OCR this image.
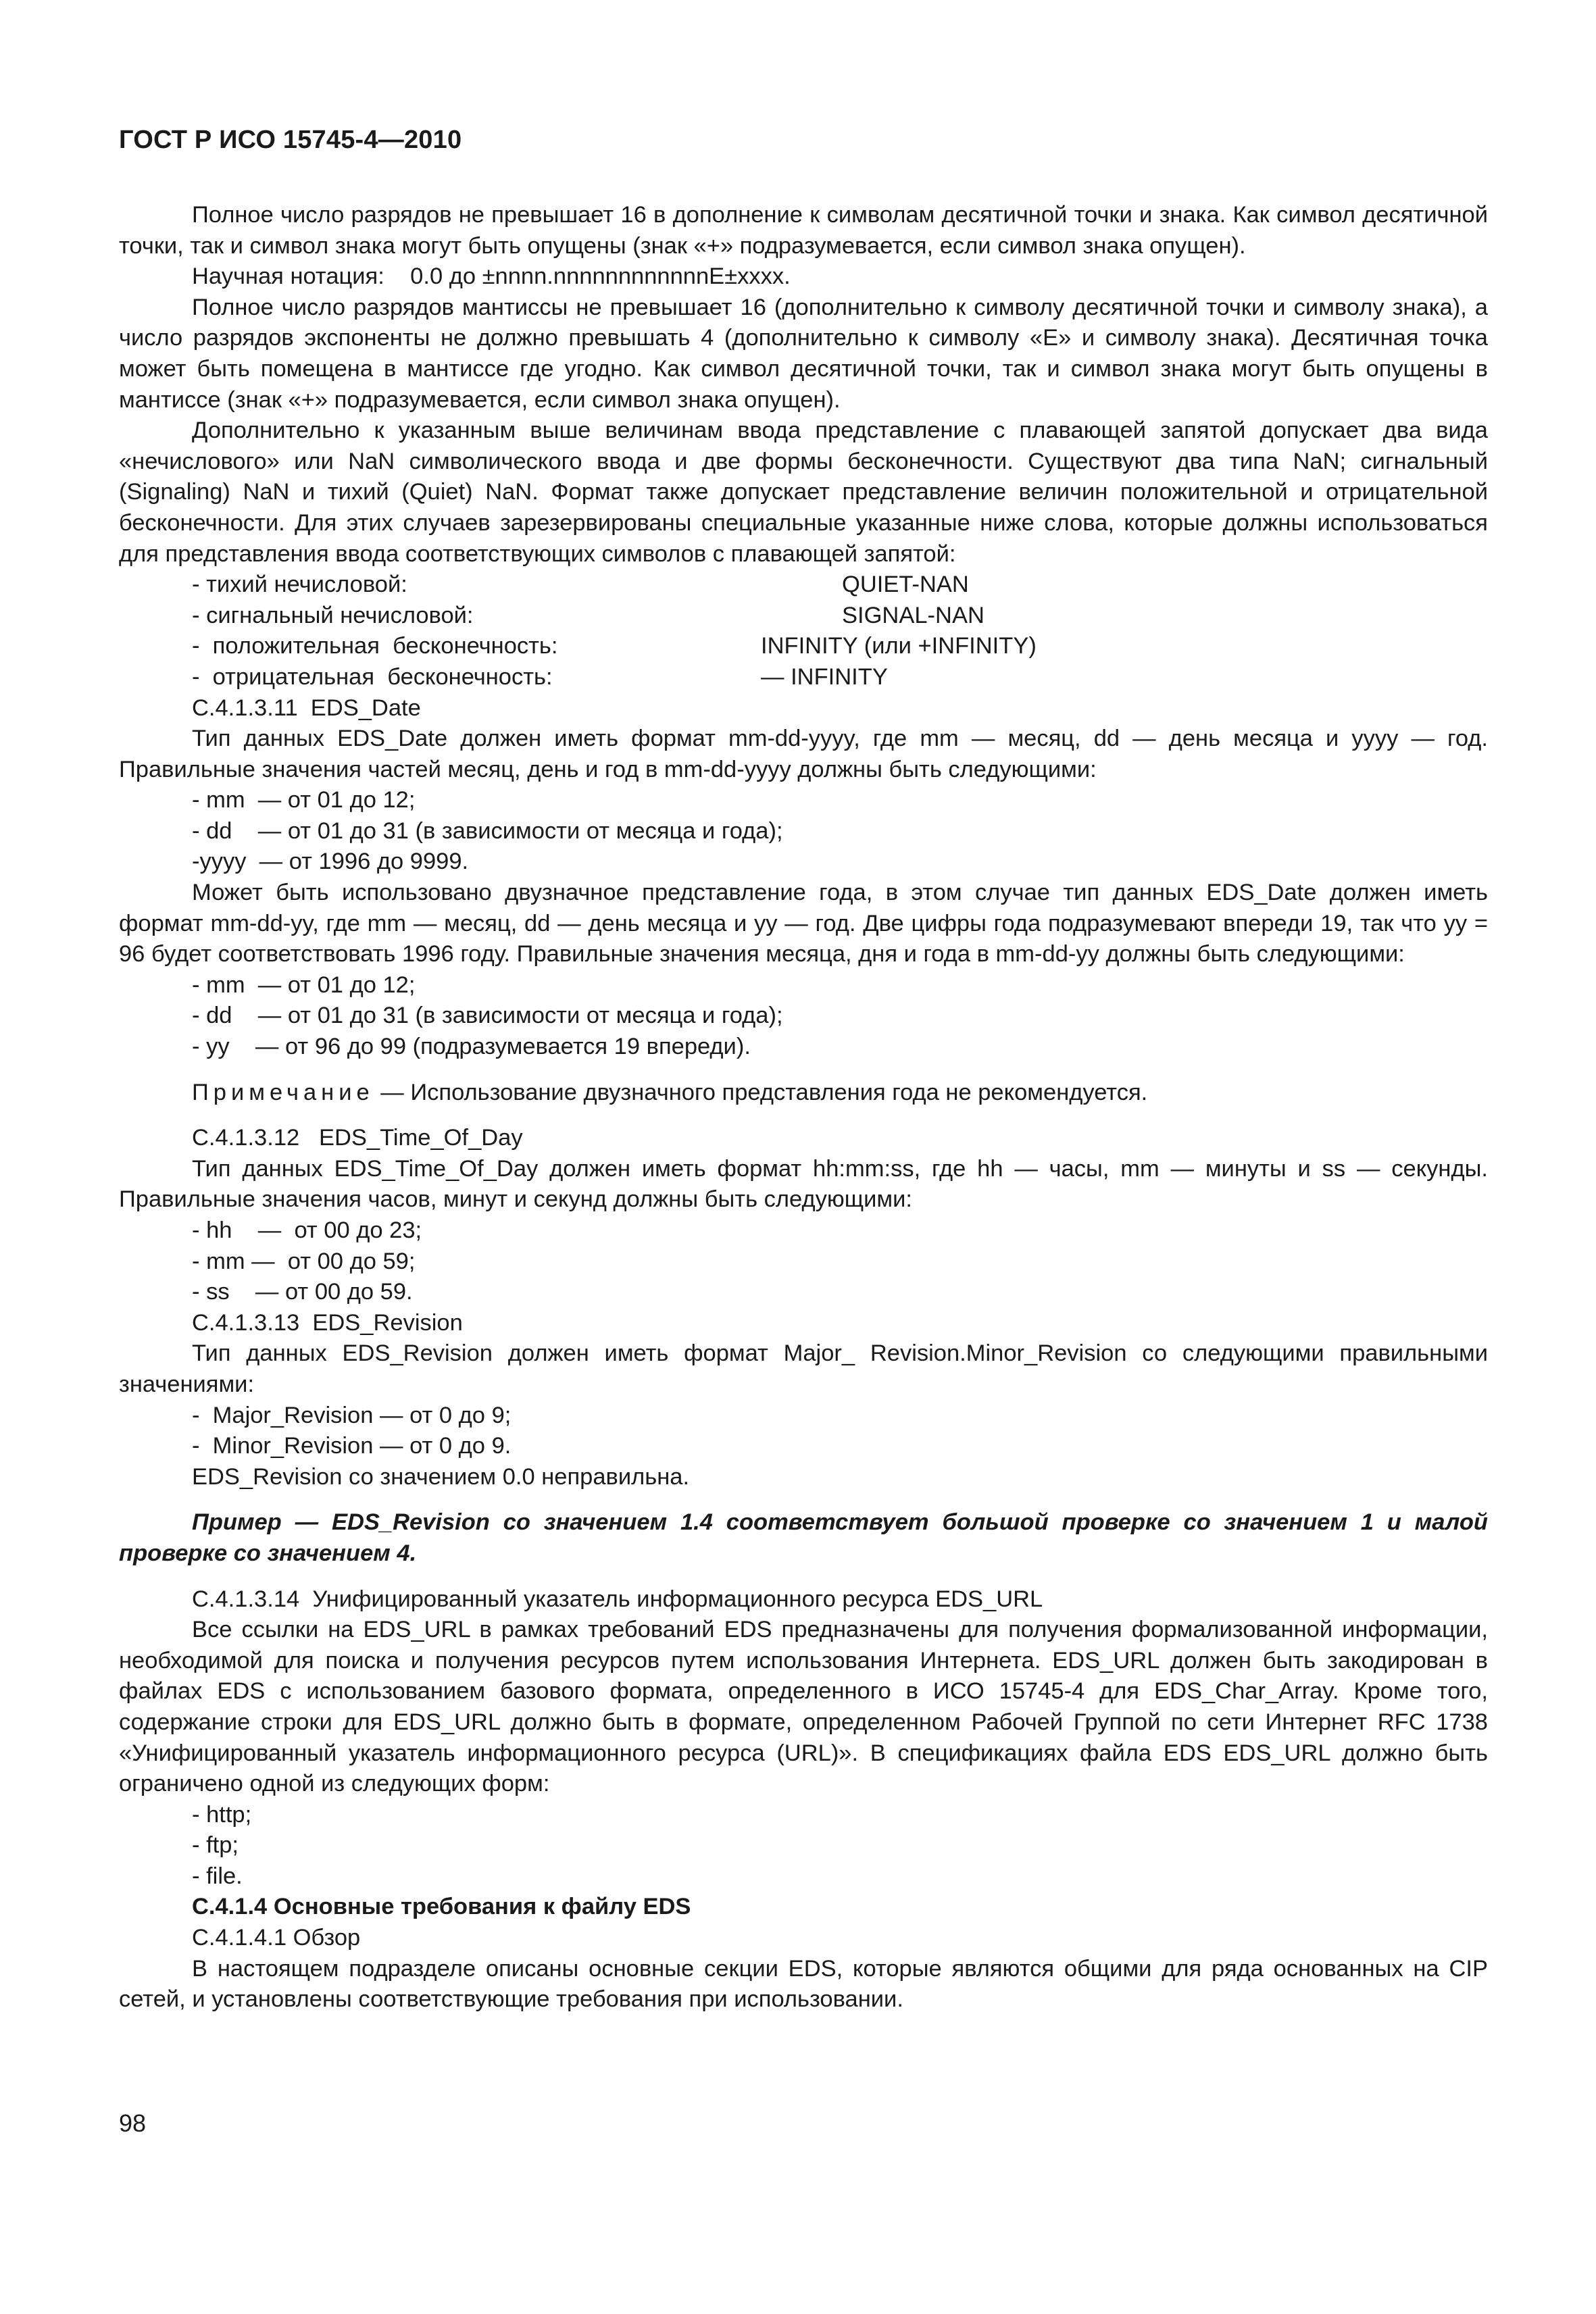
ГОСТ Р ИСО 15745-4—2010

Полное число разрядов не превышает 16 в дополнение к символам десятичной точки и знака. Как символ десятичной точки, так и символ знака могут быть опущены (знак «+» подразумевается, если символ знака опущен).

Научная нотация:    0.0 до ±nnnn.nnnnnnnnnnnnE±xxxx.

Полное число разрядов мантиссы не превышает 16 (дополнительно к символу десятичной точки и символу знака), а число разрядов экспоненты не должно превышать 4 (дополнительно к символу «E» и символу знака). Десятичная точка может быть помещена в мантиссе где угодно. Как символ десятичной точки, так и символ знака могут быть опущены в мантиссе (знак «+» подразумевается, если символ знака опущен).

Дополнительно к указанным выше величинам ввода представление с плавающей запятой допускает два вида «нечислового» или NaN символического ввода и две формы бесконечности. Существуют два типа NaN; сигнальный (Signaling) NaN и тихий (Quiet) NaN. Формат также допускает представление величин положительной и отрицательной бесконечности. Для этих случаев зарезервированы специальные указанные ниже слова, которые должны использоваться для представления ввода соответствующих символов с плавающей запятой:

- тихий нечисловой:	QUIET-NAN
- сигнальный нечисловой:	SIGNAL-NAN
-  положительная  бесконечность:	INFINITY (или +INFINITY)
-  отрицательная  бесконечность:	— INFINITY

С.4.1.3.11  EDS_Date

Тип данных EDS_Date должен иметь формат mm-dd-yyyy, где mm — месяц, dd — день месяца и yyyy — год. Правильные значения частей месяц, день и год в mm-dd-yyyy должны быть следующими:

- mm  — от 01 до 12;

- dd    — от 01 до 31 (в зависимости от месяца и года);

-yyyy  — от 1996 до 9999.

Может быть использовано двузначное представление года, в этом случае тип данных EDS_Date должен иметь формат mm-dd-yy, где mm — месяц, dd — день месяца и yy — год. Две цифры года подразумевают впереди 19, так что yy = 96 будет соответствовать 1996 году. Правильные значения месяца, дня и года в mm-dd-yy должны быть следующими:

- mm  — от 01 до 12;

- dd    — от 01 до 31 (в зависимости от месяца и года);

- yy    — от 96 до 99 (подразумевается 19 впереди).

Примечание — Использование двузначного представления года не рекомендуется.

С.4.1.3.12   EDS_Time_Of_Day

Тип данных EDS_Time_Of_Day должен иметь формат hh:mm:ss, где hh — часы, mm — минуты и ss — секунды. Правильные значения часов, минут и секунд должны быть следующими:

- hh    —  от 00 до 23;

- mm —  от 00 до 59;

- ss    — от 00 до 59.

С.4.1.3.13  EDS_Revision

Тип данных EDS_Revision должен иметь формат Major_ Revision.Minor_Revision со следующими правильными значениями:

-  Major_Revision — от 0 до 9;

-  Minor_Revision — от 0 до 9.

EDS_Revision со значением 0.0 неправильна.

Пример — EDS_Revision со значением 1.4 соответствует большой проверке со значением 1 и малой проверке со значением 4.

С.4.1.3.14  Унифицированный указатель информационного ресурса EDS_URL

Все ссылки на EDS_URL в рамках требований EDS предназначены для получения формализованной информации, необходимой для поиска и получения ресурсов путем использования Интернета. EDS_URL должен быть закодирован в файлах EDS с использованием базового формата, определенного в ИСО 15745-4 для EDS_Char_Array. Кроме того, содержание строки для EDS_URL должно быть в формате, определенном Рабочей Группой по сети Интернет RFC 1738 «Унифицированный указатель информационного ресурса (URL)». В спецификациях файла EDS EDS_URL должно быть ограничено одной из следующих форм:

- http;

- ftp;

- file.

С.4.1.4 Основные требования к файлу EDS

С.4.1.4.1 Обзор

В настоящем подразделе описаны основные секции EDS, которые являются общими для ряда основанных на CIP сетей, и установлены соответствующие требования при использовании.

98
